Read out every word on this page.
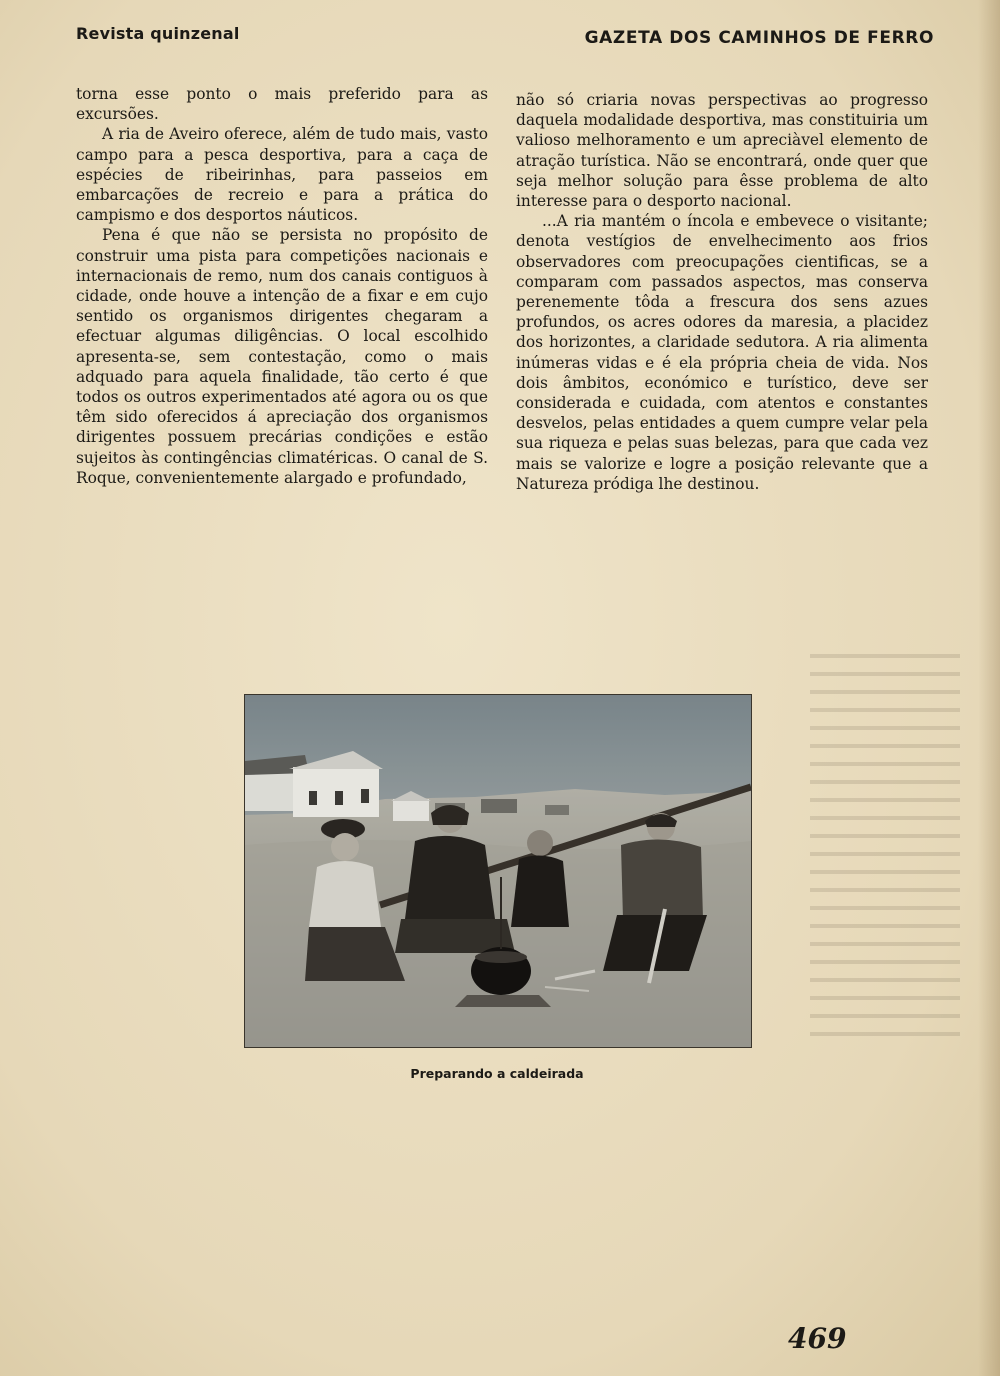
Revista quinzenal	GAZETA DOS CAMINHOS DE FERRO

torna esse ponto o mais preferido para as excursões.

A ria de Aveiro oferece, além de tudo mais, vasto campo para a pesca desportiva, para a caça de espécies de ribeirinhas, para passeios em embarcações de recreio e para a prática do campismo e dos desportos náuticos.

Pena é que não se persista no propósito de construir uma pista para competições nacionais e internacionais de remo, num dos canais contiguos à cidade, onde houve a intenção de a fixar e em cujo sentido os organismos dirigentes chegaram a efectuar algumas diligências. O local escolhido apresenta-se, sem contestação, como o mais adquado para aquela finalidade, tão certo é que todos os outros experimentados até agora ou os que têm sido oferecidos á apreciação dos organismos dirigentes possuem precárias condições e estão sujeitos às contingências climatéricas. O canal de S. Roque, convenientemente alargado e profundado,

não só criaria novas perspectivas ao progresso daquela modalidade desportiva, mas constituiria um valioso melhoramento e um apreciàvel elemento de atração turística. Não se encontrará, onde quer que seja melhor solução para êsse problema de alto interesse para o desporto nacional.

...A ria mantém o íncola e embevece o visitante; denota vestígios de envelhecimento aos frios observadores com preocupações cientificas, se a comparam com passados aspectos, mas conserva perenemente tôda a frescura dos sens azues profundos, os acres odores da maresia, a placidez dos horizontes, a claridade sedutora. A ria alimenta inúmeras vidas e é ela própria cheia de vida. Nos dois âmbitos, económico e turístico, deve ser considerada e cuidada, com atentos e constantes desvelos, pelas entidades a quem cumpre velar pela sua riqueza e pelas suas belezas, para que cada vez mais se valorize e logre a posição relevante que a Natureza pródiga lhe destinou.

Preparando a caldeirada
469
